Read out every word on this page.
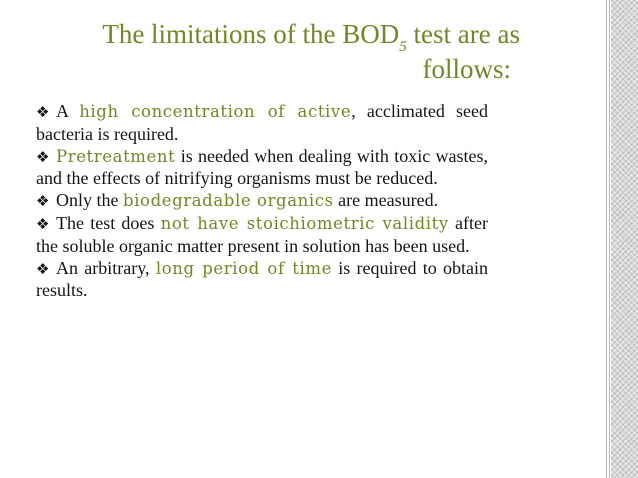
The limitations of the $BOD_5$ test are as
follows:
❖ A high concentration of active, acclimated seed bacteria is required.
❖ Pretreatment is needed when dealing with toxic wastes, and the effects of nitrifying organisms must be reduced.
❖ Only the biodegradable organics are measured.
❖ The test does not have stoichiometric validity after the soluble organic matter present in solution has been used.
❖ An arbitrary, long period of time is required to obtain results.
